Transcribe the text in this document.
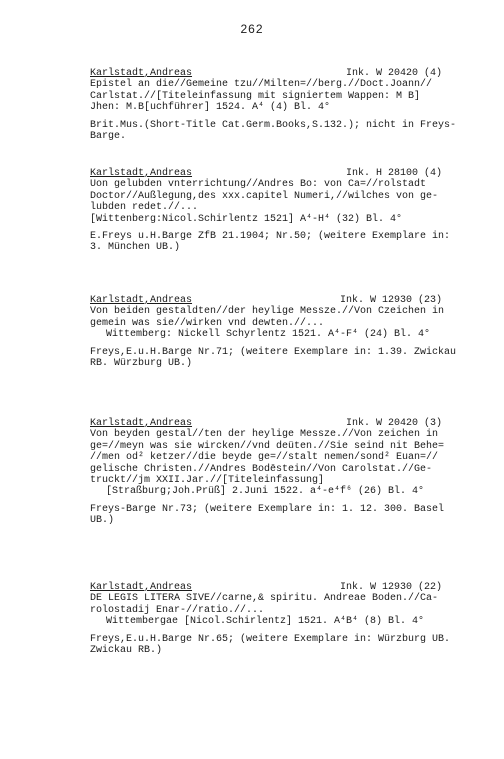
262
Karlstadt,Andreas	Ink. W 20420 (4)
Epistel an die//Gemeine tzu//Milten=//berg.//Doct.Joann//
Carlstat.//[Titeleinfassung mit signiertem Wappen: M B]
Jhen: M.B[uchführer] 1524. A⁴ (4) Bl. 4°
Brit.Mus.(Short-Title Cat.Germ.Books,S.132.); nicht in Freys-
Barge.
Karlstadt,Andreas	Ink. H 28100 (4)
Uon gelubden vnterrichtung//Andres Bo: von Ca=//rolstadt
Doctor//Außlegung,des xxx.capitel Numeri,//wilches von ge-
lubden redet.//...
[Wittenberg:Nicol.Schirlentz 1521] A⁴-H⁴ (32) Bl. 4°
E.Freys u.H.Barge ZfB 21.1904; Nr.50; (weitere Exemplare in:
3. München UB.)
Karlstadt,Andreas	Ink. W 12930 (23)
Von beiden gestaldten//der heylige Messze.//Von Czeichen in
gemein was sie//wirken vnd dewten.//...
Wittemberg: Nickell Schyrlentz 1521. A⁴-F⁴ (24) Bl. 4°
Freys,E.u.H.Barge Nr.71; (weitere Exemplare in: 1.39. Zwickau
RB. Würzburg UB.)
Karlstadt,Andreas	Ink. W 20420 (3)
Von beyden gestal//ten der heylige Messze.//Von zeichen in
ge=//meyn was sie wircken//vnd deüten.//Sie seind nit Behe=
//men od² ketzer//die beyde ge=//stalt nemen/sond² Euan=//
gelische Christen.//Andres Bodēstein//Von Carolstat.//Ge-
truckt//jm XXII.Jar.//[Titeleinfassung]
[Straßburg;Joh.Prüß] 2.Juni 1522. a⁴-e⁴f⁶ (26) Bl. 4°
Freys-Barge Nr.73; (weitere Exemplare in: 1. 12. 300. Basel
UB.)
Karlstadt,Andreas	Ink. W 12930 (22)
DE LEGIS LITERA SIVE//carne,& spiritu. Andreae Boden.//Ca-
rolostadij Enar-//ratio.//...
Wittembergae [Nicol.Schirlentz] 1521. A⁴B⁴ (8) Bl. 4°
Freys,E.u.H.Barge Nr.65; (weitere Exemplare in: Würzburg UB.
Zwickau RB.)
